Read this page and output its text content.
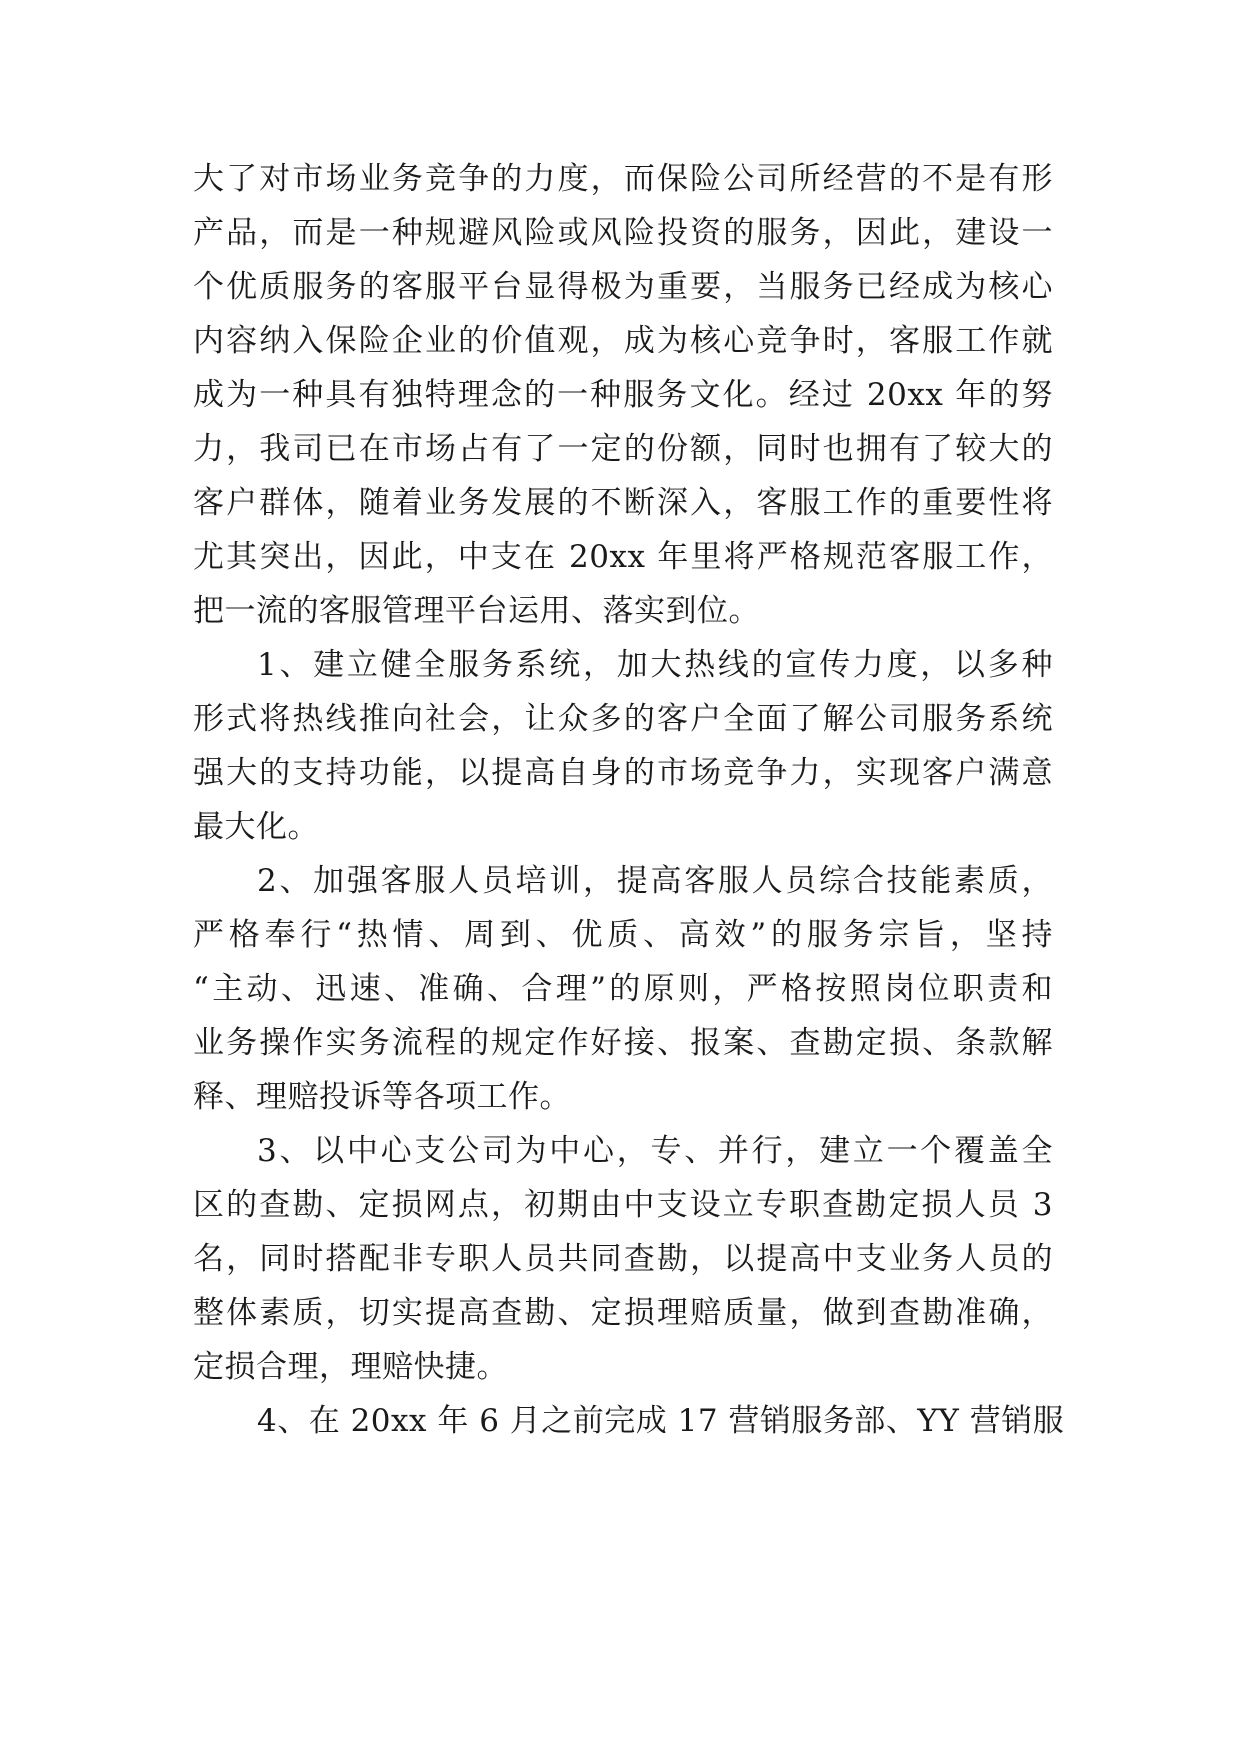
大了对市场业务竞争的力度，而保险公司所经营的不是有形
产品，而是一种规避风险或风险投资的服务，因此，建设一
个优质服务的客服平台显得极为重要，当服务已经成为核心
内容纳入保险企业的价值观，成为核心竞争时，客服工作就
成为一种具有独特理念的一种服务文化。经过 20xx 年的努
力，我司已在市场占有了一定的份额，同时也拥有了较大的
客户群体，随着业务发展的不断深入，客服工作的重要性将
尤其突出，因此，中支在 20xx 年里将严格规范客服工作，
把一流的客服管理平台运用、落实到位。
1、建立健全服务系统，加大热线的宣传力度，以多种
形式将热线推向社会，让众多的客户全面了解公司服务系统
强大的支持功能，以提高自身的市场竞争力，实现客户满意
最大化。
2、加强客服人员培训，提高客服人员综合技能素质，
严格奉行“热情、周到、优质、高效”的服务宗旨，坚持
“主动、迅速、准确、合理”的原则，严格按照岗位职责和
业务操作实务流程的规定作好接、报案、查勘定损、条款解
释、理赔投诉等各项工作。
3、以中心支公司为中心，专、并行，建立一个覆盖全
区的查勘、定损网点，初期由中支设立专职查勘定损人员 3
名，同时搭配非专职人员共同查勘，以提高中支业务人员的
整体素质，切实提高查勘、定损理赔质量，做到查勘准确，
定损合理，理赔快捷。
4、在 20xx 年 6 月之前完成 17 营销服务部、YY 营销服
